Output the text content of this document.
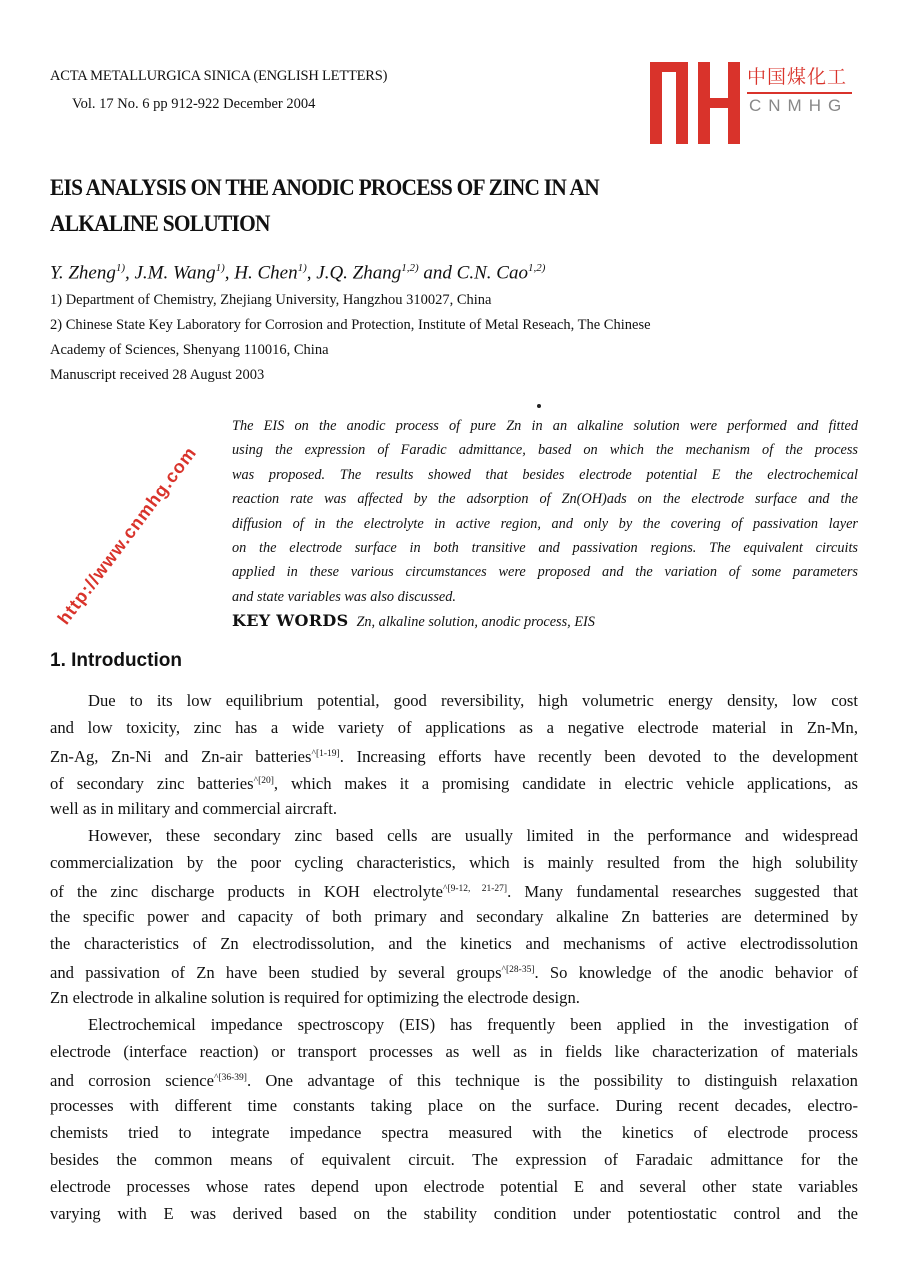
ACTA METALLURGICA SINICA (ENGLISH LETTERS)
Vol. 17 No. 6 pp 912-922 December 2004
EIS ANALYSIS ON THE ANODIC PROCESS OF ZINC IN AN
ALKALINE SOLUTION
Y. Zheng$^{1)}$, J.M. Wang$^{1)}$, H. Chen$^{1)}$, J.Q. Zhang$^{1,2)}$ and C.N. Cao$^{1,2)}$
1) Department of Chemistry, Zhejiang University, Hangzhou 310027, China
2) Chinese State Key Laboratory for Corrosion and Protection, Institute of Metal Reseach, The Chinese
Academy of Sciences, Shenyang 110016, China
Manuscript received 28 August 2003
The EIS on the anodic process of pure Zn in an alkaline solution were performed and fitted
using the expression of Faradic admittance, based on which the mechanism of the process
was proposed. The results showed that besides electrode potential E the electrochemical
reaction rate was affected by the adsorption of Zn(OH)ads on the electrode surface and the
diffusion of in the electrolyte in active region, and only by the covering of passivation layer
on the electrode surface in both transitive and passivation regions. The equivalent circuits
applied in these various circumstances were proposed and the variation of some parameters
and state variables was also discussed.
KEY WORDS Zn, alkaline solution, anodic process, EIS
1. Introduction
Due to its low equilibrium potential, good reversibility, high volumetric energy density, low cost
and low toxicity, zinc has a wide variety of applications as a negative electrode material in Zn-Mn,
Zn-Ag, Zn-Ni and Zn-air batteries$^{\^{}[1-19]}$. Increasing efforts have recently been devoted to the development
of secondary zinc batteries$^{\^{}[20]}$, which makes it a promising candidate in electric vehicle applications, as
well as in military and commercial aircraft.
However, these secondary zinc based cells are usually limited in the performance and widespread
commercialization by the poor cycling characteristics, which is mainly resulted from the high solubility
of the zinc discharge products in KOH electrolyte$^{\^{}[9-12, 21-27]}$. Many fundamental researches suggested that
the specific power and capacity of both primary and secondary alkaline Zn batteries are determined by
the characteristics of Zn electrodissolution, and the kinetics and mechanisms of active electrodissolution
and passivation of Zn have been studied by several groups$^{\^{}[28-35]}$. So knowledge of the anodic behavior of
Zn electrode in alkaline solution is required for optimizing the electrode design.
Electrochemical impedance spectroscopy (EIS) has frequently been applied in the investigation of
electrode (interface reaction) or transport processes as well as in fields like characterization of materials
and corrosion science$^{\^{}[36-39]}$. One advantage of this technique is the possibility to distinguish relaxation
processes with different time constants taking place on the surface. During recent decades, electro-
chemists tried to integrate impedance spectra measured with the kinetics of electrode process
besides the common means of equivalent circuit. The expression of Faradaic admittance for the
electrode processes whose rates depend upon electrode potential E and several other state variables
varying with E was derived based on the stability condition under potentiostatic control and the
http://www.cnmhg.com
中国煤化工
CNMHG
